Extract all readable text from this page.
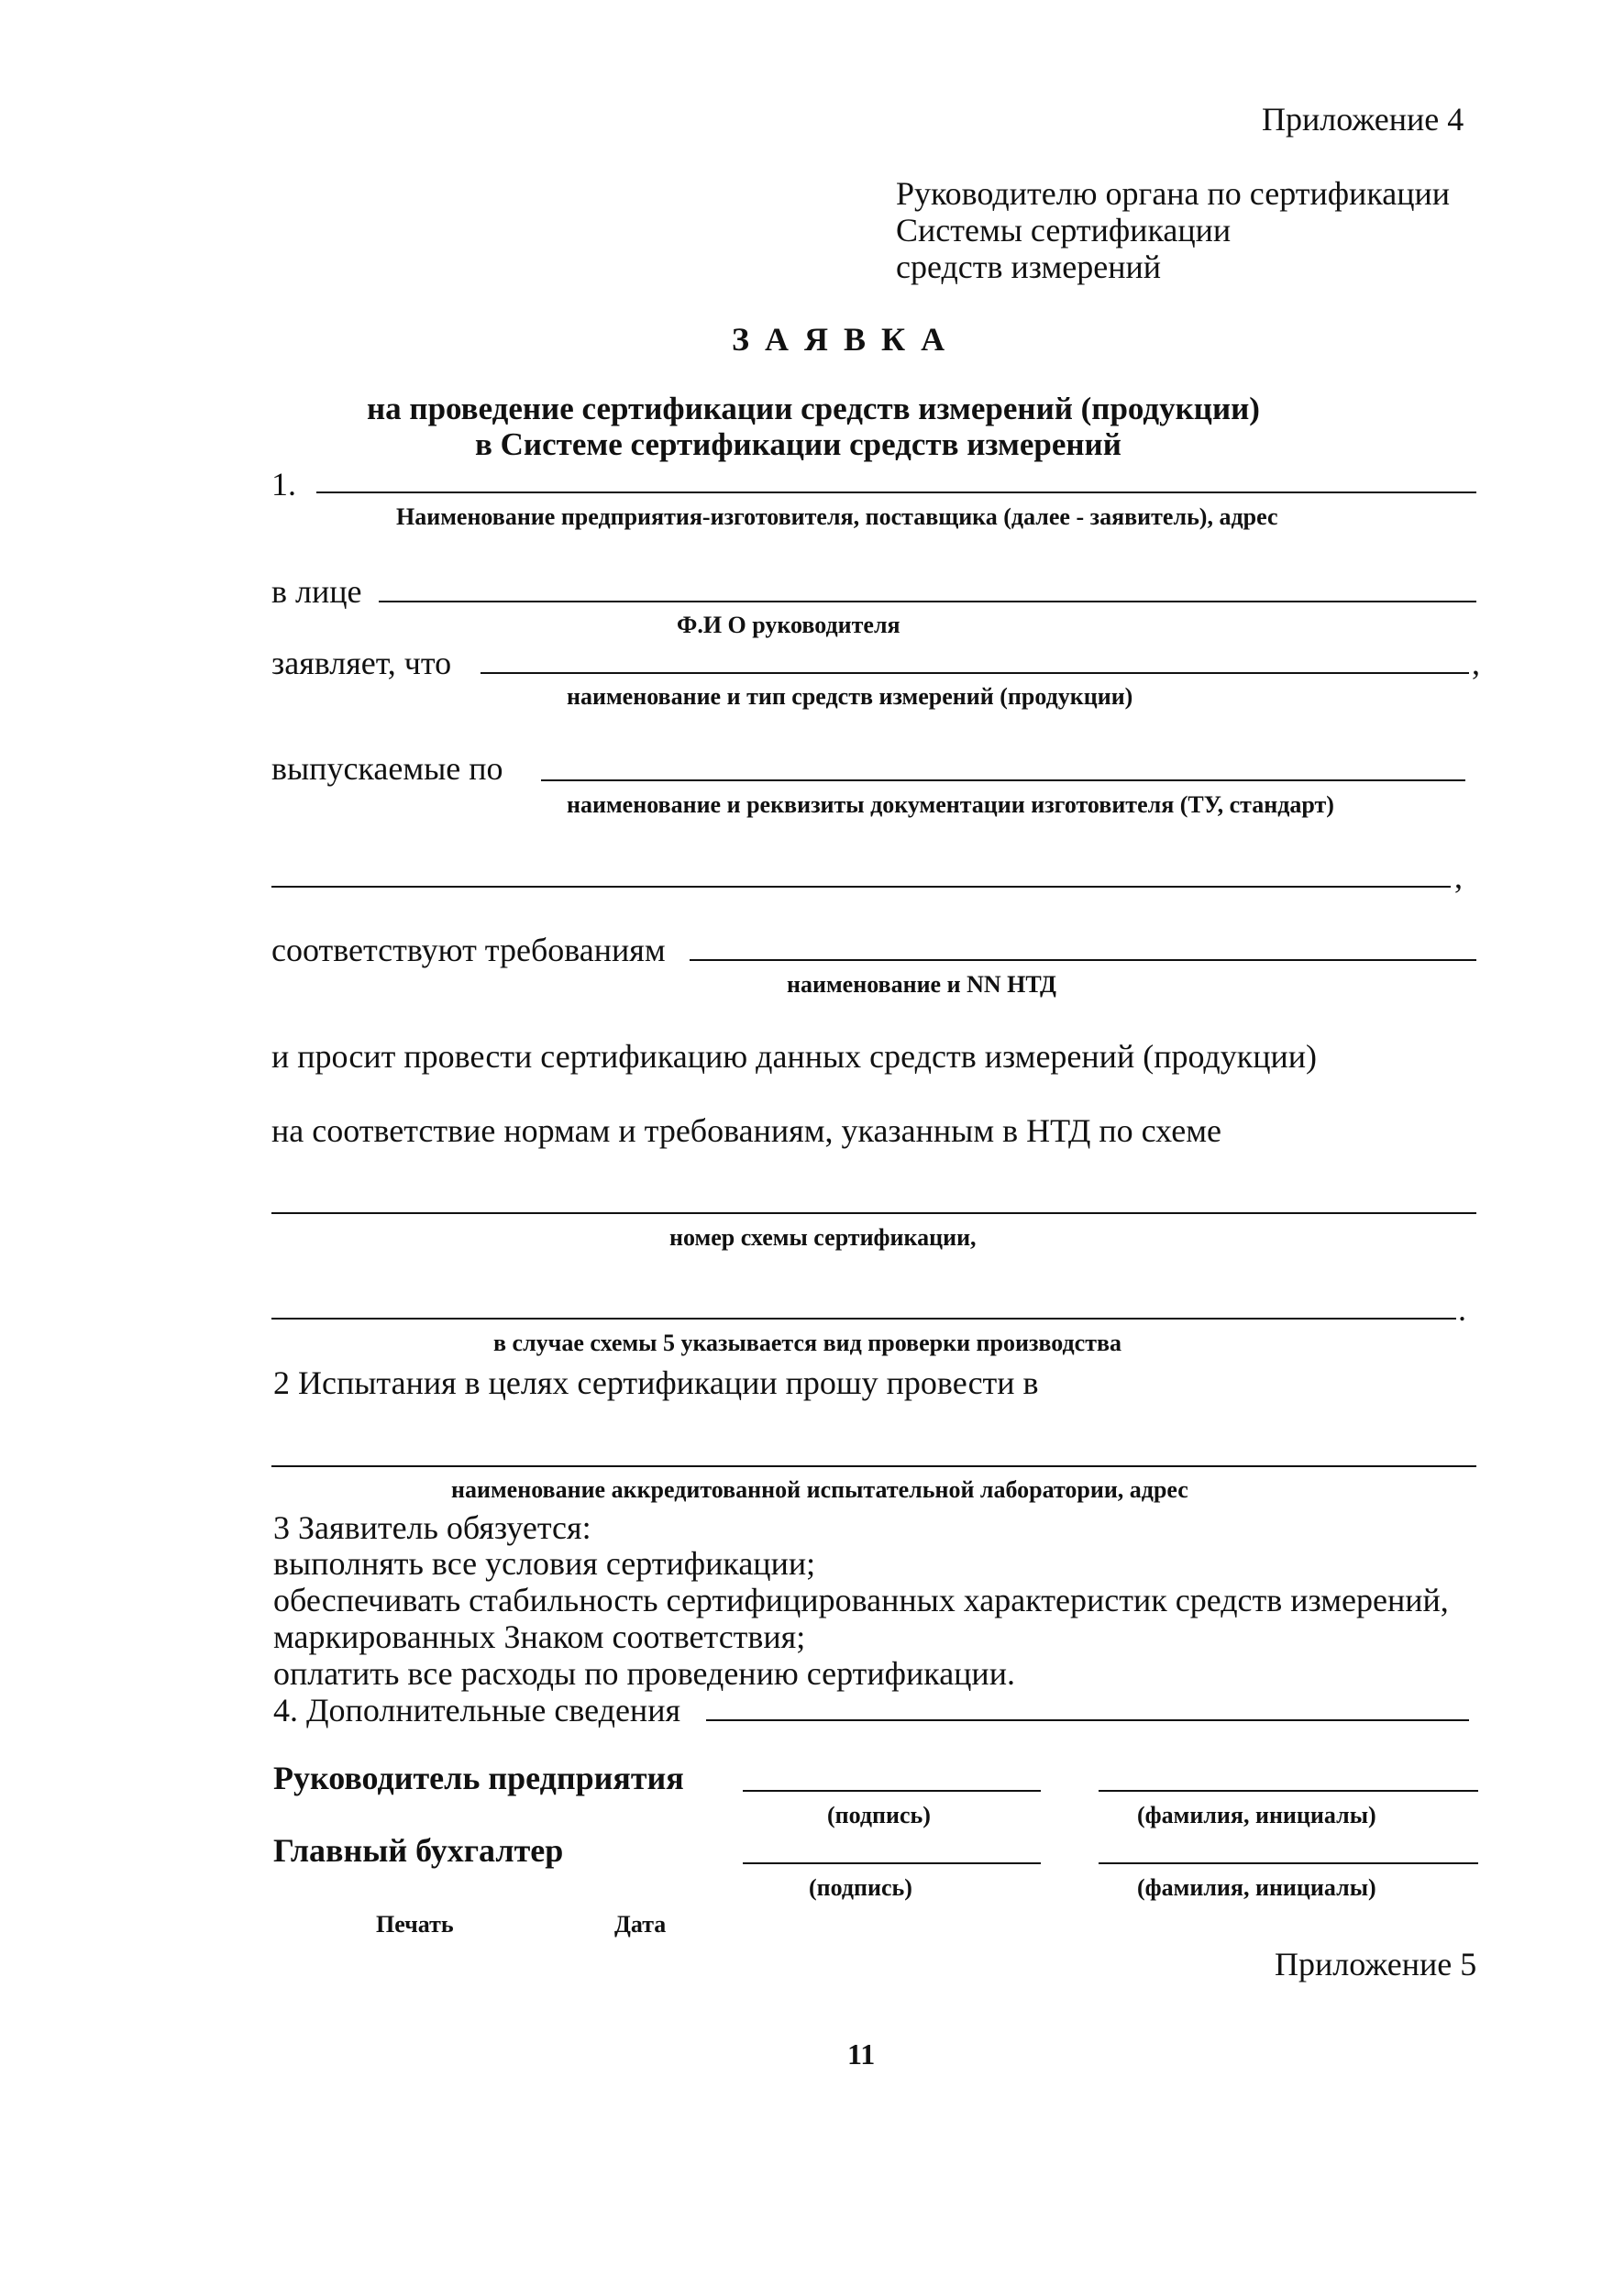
Приложение 4
Руководителю органа по сертификации
Системы сертификации
средств измерений
З А Я В К А
на проведение сертификации средств измерений (продукции)
в Системе сертификации средств измерений
1.
Наименование предприятия-изготовителя, поставщика (далее - заявитель), адрес
в лице
Ф.И О руководителя
заявляет, что	,
наименование и тип средств измерений (продукции)
выпускаемые по
наименование и реквизиты документации изготовителя (ТУ, стандарт)
,
соответствуют требованиям
наименование и NN НТД
и просит провести сертификацию данных средств измерений (продукции)
на соответствие нормам и требованиям, указанным в НТД по схеме
номер схемы сертификации,
.
в случае схемы 5 указывается вид проверки производства
2 Испытания в целях сертификации прошу провести в
наименование аккредитованной испытательной лаборатории, адрес
3 Заявитель обязуется:
выполнять все условия сертификации;
обеспечивать стабильность сертифицированных характеристик средств измерений,
маркированных Знаком соответствия;
оплатить все расходы по проведению сертификации.
4. Дополнительные сведения
Руководитель предприятия
(подпись)	(фамилия, инициалы)
Главный бухгалтер
(подпись)	(фамилия, инициалы)
Печать	Дата
Приложение 5
11
